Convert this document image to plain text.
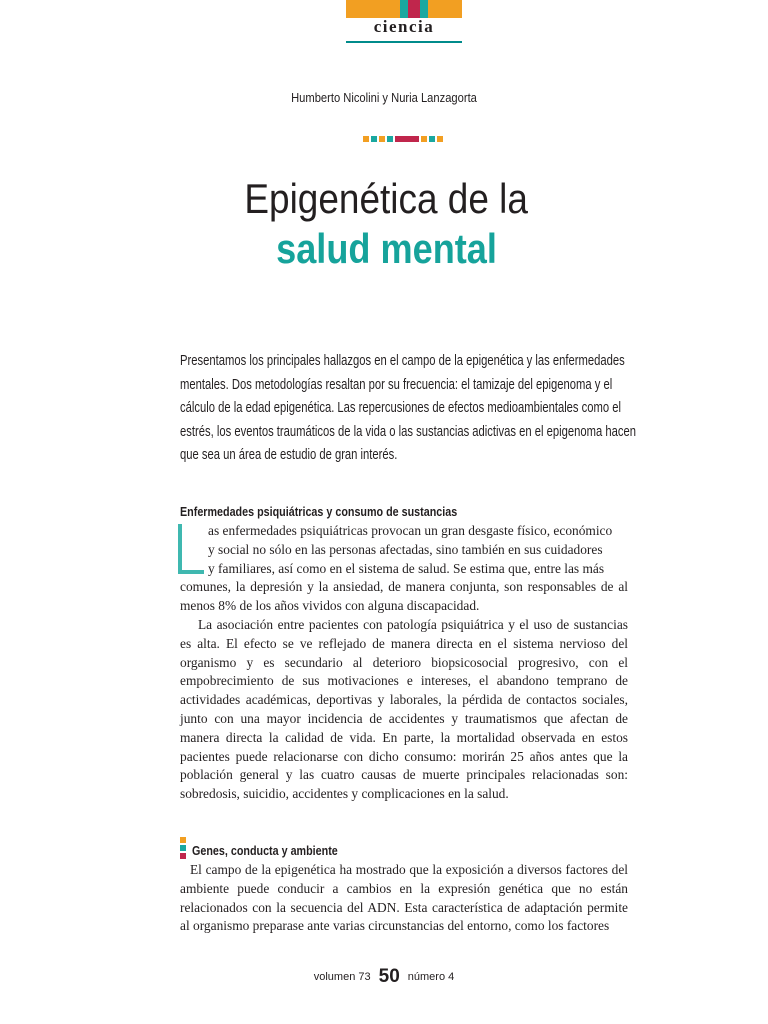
ciencia
Humberto Nicolini y Nuria Lanzagorta
Epigenética de la
salud mental
Presentamos los principales hallazgos en el campo de la epigenética y las enfermedades mentales. Dos metodologías resaltan por su frecuencia: el tamizaje del epigenoma y el cálculo de la edad epigenética. Las repercusiones de efectos medioambientales como el estrés, los eventos traumáticos de la vida o las sustancias adictivas en el epigenoma hacen que sea un área de estudio de gran interés.
Enfermedades psiquiátricas y consumo de sustancias
as enfermedades psiquiátricas provocan un gran desgaste físico, económico
y social no sólo en las personas afectadas, sino también en sus cuidadores
y familiares, así como en el sistema de salud. Se estima que, entre las más

comunes, la depresión y la ansiedad, de manera conjunta, son responsables de al menos 8% de los años vividos con alguna discapacidad.

La asociación entre pacientes con patología psiquiátrica y el uso de sustancias es alta. El efecto se ve reflejado de manera directa en el sistema nervioso del organismo y es secundario al deterioro biopsicosocial progresivo, con el empobrecimiento de sus motivaciones e intereses, el abandono temprano de actividades académicas, deportivas y laborales, la pérdida de contactos sociales, junto con una mayor incidencia de accidentes y traumatismos que afectan de manera directa la calidad de vida. En parte, la mortalidad observada en estos pacientes puede relacionarse con dicho consumo: morirán 25 años antes que la población general y las cuatro causas de muerte principales relacionadas son: sobredosis, suicidio, accidentes y complicaciones en la salud.

Genes, conducta y ambiente

El campo de la epigenética ha mostrado que la exposición a diversos factores del ambiente puede conducir a cambios en la expresión genética que no están relacionados con la secuencia del ADN. Esta característica de adaptación permite al organismo preparase ante varias circunstancias del entorno, como los factores

volumen 73 50 número 4
